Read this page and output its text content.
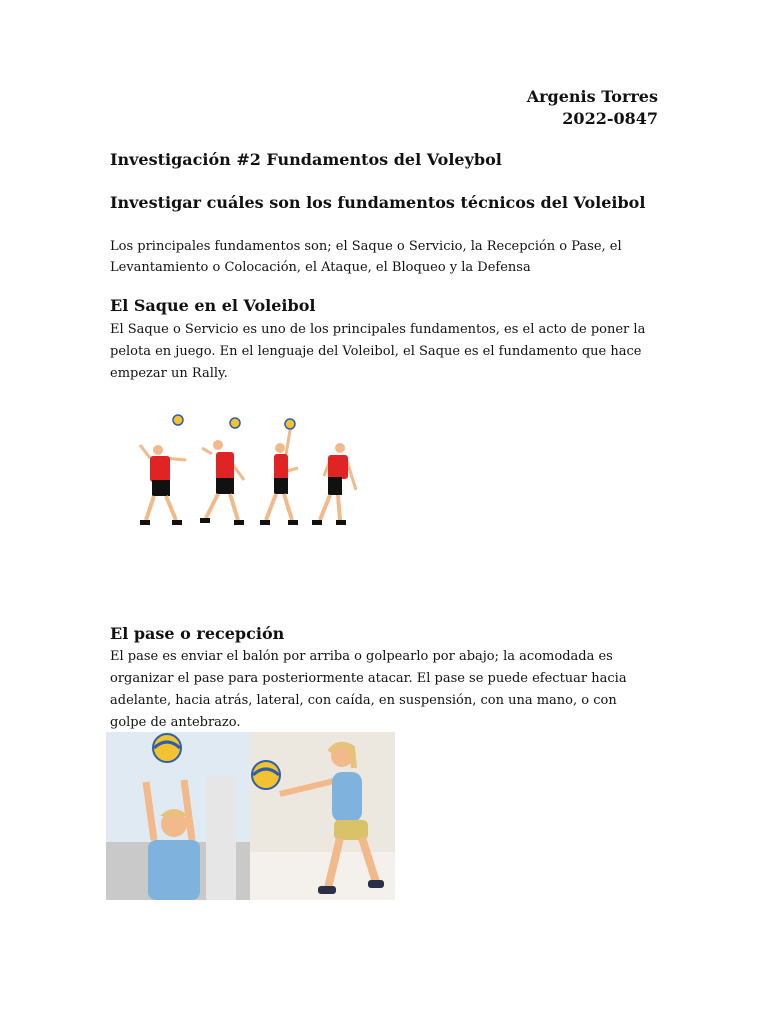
Argenis Torres
2022-0847
Investigación #2 Fundamentos del Voleybol
Investigar cuáles son los fundamentos técnicos del Voleibol

Los principales fundamentos son; el Saque o Servicio, la Recepción o Pase, el Levantamiento o Colocación, el Ataque, el Bloqueo y la Defensa

El Saque en el Voleibol

El Saque o Servicio es uno de los principales fundamentos, es el acto de poner la pelota en juego. En el lenguaje del Voleibol, el Saque es el fundamento que hace empezar un Rally.

El pase o recepción

El pase es enviar el balón por arriba o golpearlo por abajo; la acomodada es organizar el pase para posteriormente atacar. El pase se puede efectuar hacia adelante, hacia atrás, lateral, con caída, en suspensión, con una mano, o con golpe de antebrazo.
